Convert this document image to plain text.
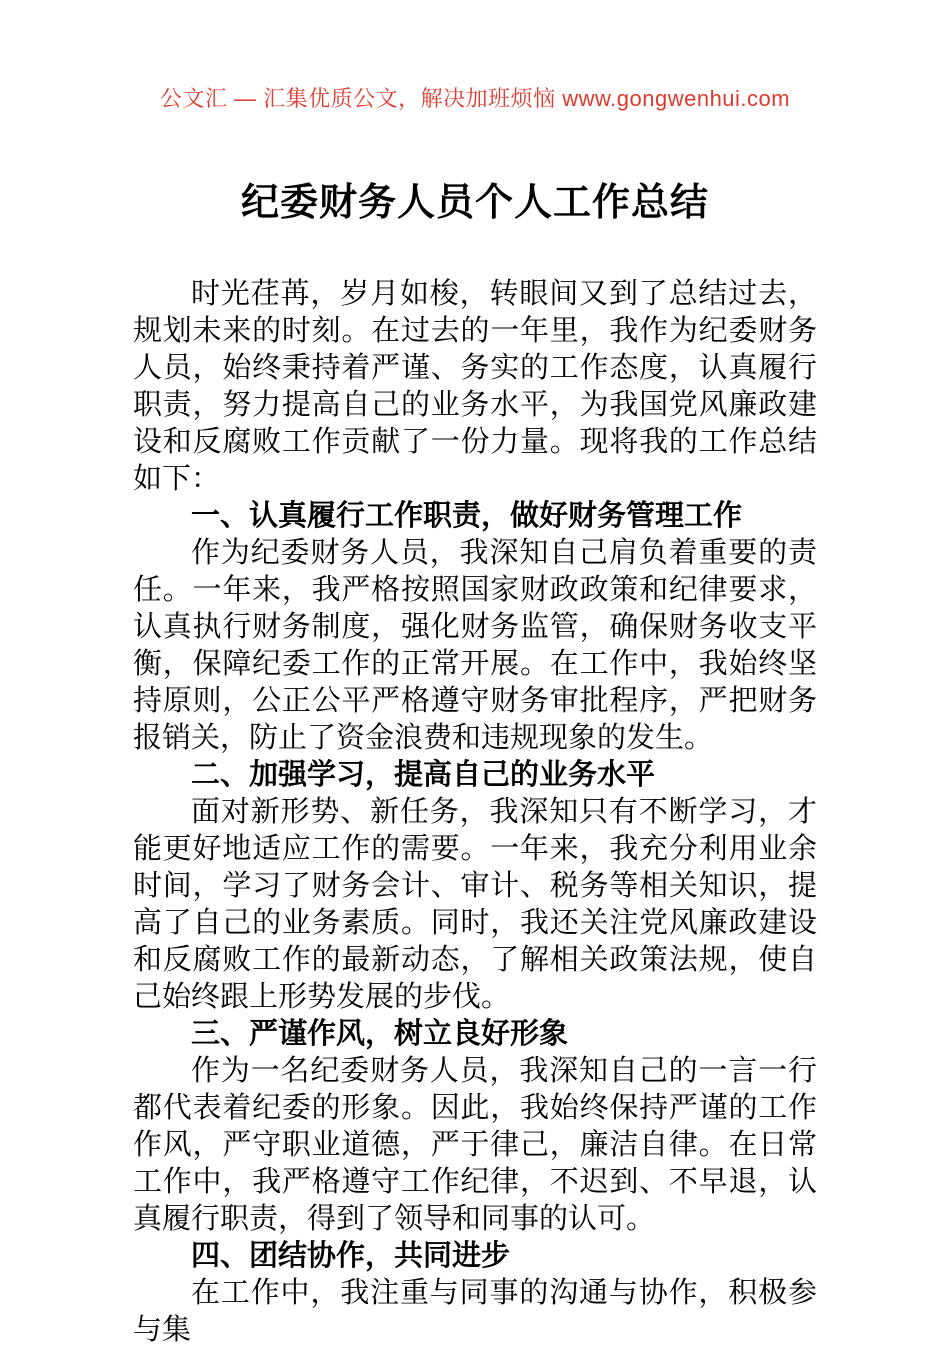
公文汇 — 汇集优质公文，解决加班烦恼 www.gongwenhui.com
纪委财务人员个人工作总结

时光荏苒，岁月如梭，转眼间又到了总结过去，规划未来的时刻。在过去的一年里，我作为纪委财务人员，始终秉持着严谨、务实的工作态度，认真履行职责，努力提高自己的业务水平，为我国党风廉政建设和反腐败工作贡献了一份力量。现将我的工作总结如下：

一、认真履行工作职责，做好财务管理工作

作为纪委财务人员，我深知自己肩负着重要的责任。一年来，我严格按照国家财政政策和纪律要求，认真执行财务制度，强化财务监管，确保财务收支平衡，保障纪委工作的正常开展。在工作中，我始终坚持原则，公正公平严格遵守财务审批程序，严把财务报销关，防止了资金浪费和违规现象的发生。

二、加强学习，提高自己的业务水平

面对新形势、新任务，我深知只有不断学习，才能更好地适应工作的需要。一年来，我充分利用业余时间，学习了财务会计、审计、税务等相关知识，提高了自己的业务素质。同时，我还关注党风廉政建设和反腐败工作的最新动态，了解相关政策法规，使自己始终跟上形势发展的步伐。

三、严谨作风，树立良好形象

作为一名纪委财务人员，我深知自己的一言一行都代表着纪委的形象。因此，我始终保持严谨的工作作风，严守职业道德，严于律己，廉洁自律。在日常工作中，我严格遵守工作纪律，不迟到、不早退，认真履行职责，得到了领导和同事的认可。

四、团结协作，共同进步

在工作中，我注重与同事的沟通与协作，积极参与集
